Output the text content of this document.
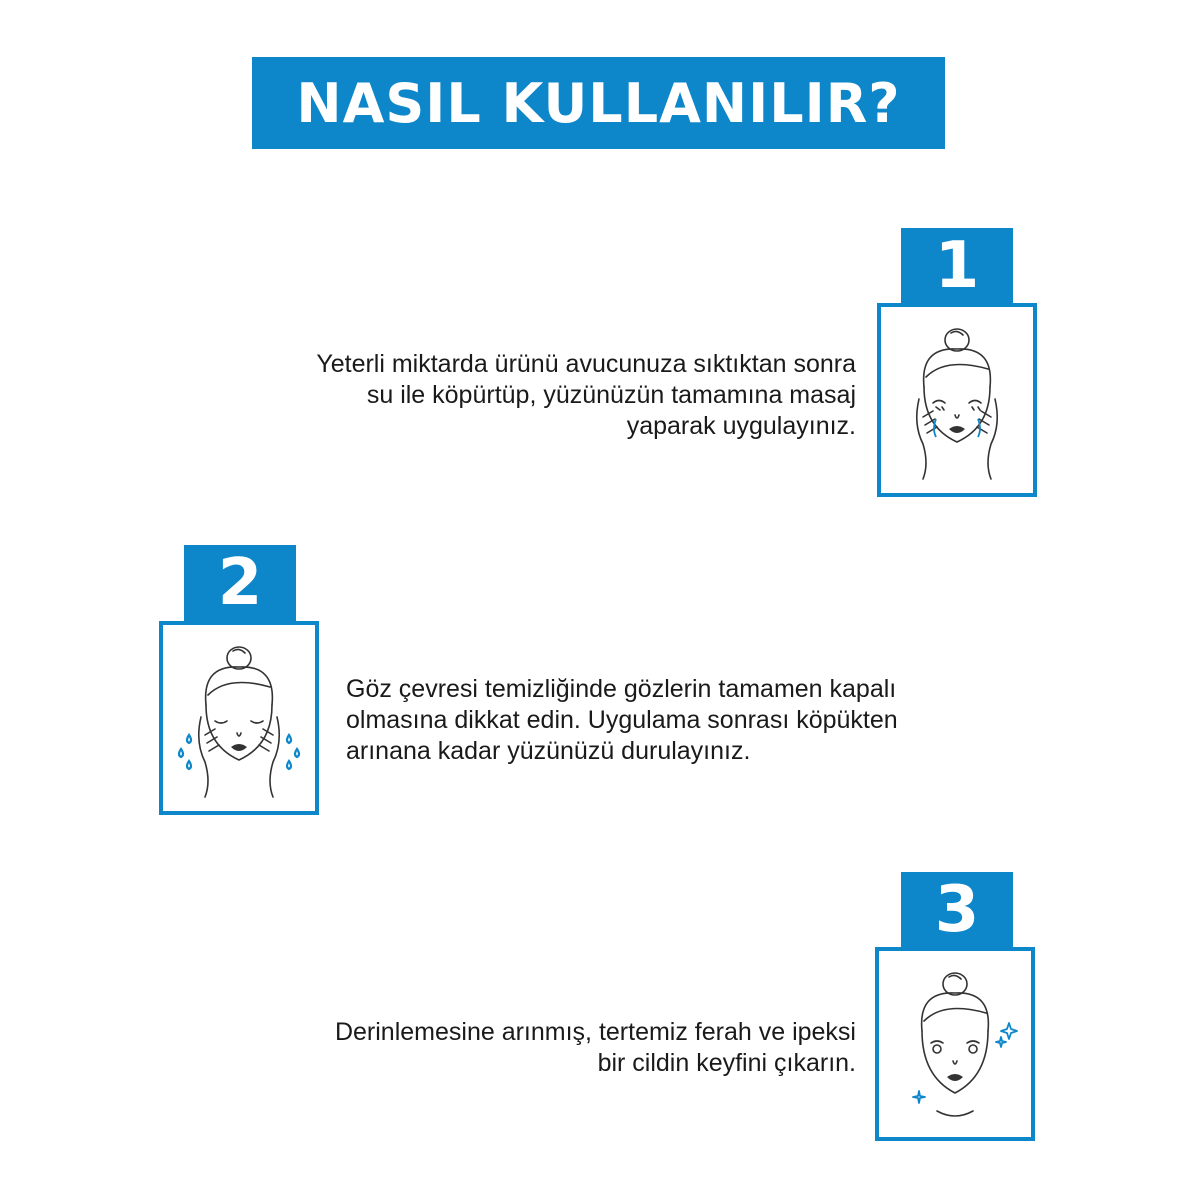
NASIL KULLANILIR?
1
Yeterli miktarda ürünü avucunuza sıktıktan sonra
su ile köpürtüp, yüzünüzün tamamına masaj
yaparak uygulayınız.
2
Göz çevresi temizliğinde gözlerin tamamen kapalı
olmasına dikkat edin. Uygulama sonrası köpükten
arınana kadar yüzünüzü durulayınız.
3
Derinlemesine arınmış, tertemiz ferah ve ipeksi
bir cildin keyfini çıkarın.
